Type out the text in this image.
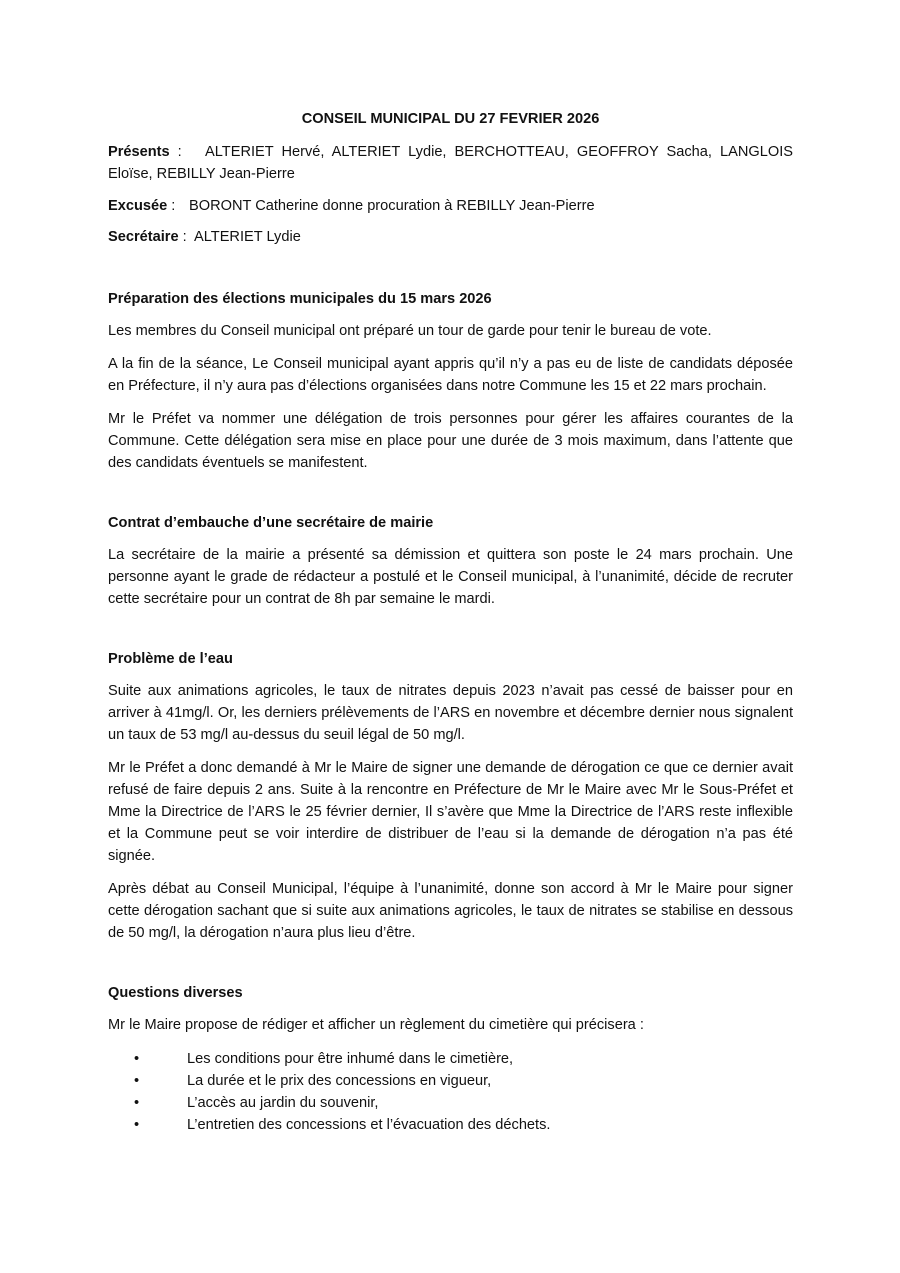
CONSEIL MUNICIPAL DU 27 FEVRIER 2026
Présents :   ALTERIET Hervé, ALTERIET Lydie, BERCHOTTEAU, GEOFFROY Sacha, LANGLOIS Eloïse, REBILLY Jean-Pierre
Excusée : BORONT Catherine donne procuration à REBILLY Jean-Pierre
Secrétaire :  ALTERIET Lydie
Préparation des élections municipales du 15 mars 2026

Les membres du Conseil municipal ont préparé un tour de garde pour tenir le bureau de vote.

A la fin de la séance, Le Conseil municipal ayant appris qu’il n’y a pas eu de liste de candidats déposée en Préfecture, il n’y aura pas d’élections organisées dans notre Commune les 15 et 22 mars prochain.

Mr le Préfet va nommer une délégation de trois personnes pour gérer les affaires courantes de la Commune. Cette délégation sera mise en place pour une durée de 3 mois maximum, dans l’attente que des candidats éventuels se manifestent.

Contrat d’embauche d’une secrétaire de mairie

La secrétaire de la mairie a présenté sa démission et quittera son poste le 24 mars prochain. Une personne ayant le grade de rédacteur a postulé et le Conseil municipal, à l’unanimité, décide de recruter cette secrétaire pour un contrat de 8h par semaine le mardi.

Problème de l’eau

Suite aux animations agricoles, le taux de nitrates depuis 2023 n’avait pas cessé de baisser pour en arriver à 41mg/l. Or, les derniers prélèvements de l’ARS en novembre et décembre dernier nous signalent un taux de 53 mg/l au-dessus du seuil légal de 50 mg/l.

Mr le Préfet a donc demandé à Mr le Maire de signer une demande de dérogation ce que ce dernier avait refusé de faire depuis 2 ans. Suite à la rencontre en Préfecture de Mr le Maire avec Mr le Sous-Préfet et Mme la Directrice de l’ARS le 25 février dernier, Il s’avère que Mme la Directrice de l’ARS reste inflexible et la Commune peut se voir interdire de distribuer de l’eau si la demande de dérogation n’a pas été signée.

Après débat au Conseil Municipal, l’équipe à l’unanimité, donne son accord à Mr le Maire pour signer cette dérogation sachant que si suite aux animations agricoles, le taux de nitrates se stabilise en dessous de 50 mg/l, la dérogation n’aura plus lieu d’être.

Questions diverses

Mr le Maire propose de rédiger et afficher un règlement du cimetière qui précisera :

•	Les conditions pour être inhumé dans le cimetière,
•	La durée et le prix des concessions en vigueur,
•	L’accès au jardin du souvenir,
•	L’entretien des concessions et l’évacuation des déchets.
